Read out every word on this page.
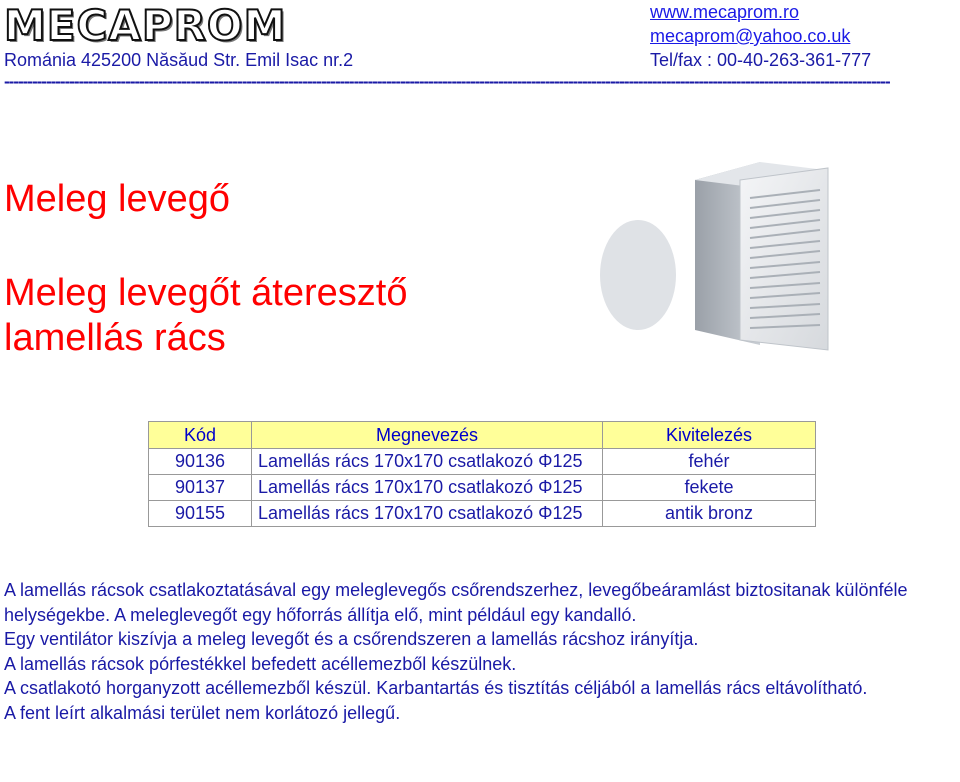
MECAPROM
Románia 425200 Năsăud Str. Emil Isac nr.2
www.mecaprom.ro
mecaprom@yahoo.co.uk
Tel/fax : 00-40-263-361-777
----------------------------------------------------------------------------------------------------------------------------------------------------------------------------------------------
Meleg levegő
Meleg levegőt áteresztő
lamellás rács
Kód	Megnevezés	Kivitelezés
90136	Lamellás rács 170x170 csatlakozó Φ125	fehér
90137	Lamellás rács 170x170 csatlakozó Φ125	fekete
90155	Lamellás rács 170x170 csatlakozó Φ125	antik bronz

A lamellás rácsok csatlakoztatásával egy meleglevegős csőrendszerhez, levegőbeáramlást biztositanak különféle helységekbe. A meleglevegőt egy hőforrás állítja elő, mint például egy kandalló.

Egy ventilátor kiszívja a meleg levegőt és a csőrendszeren a lamellás rácshoz irányítja.

A lamellás rácsok pórfestékkel befedett acéllemezből készülnek.

A csatlakotó horganyzott acéllemezből készül. Karbantartás és tisztítás céljából a lamellás rács eltávolítható.

A fent leírt alkalmási terület nem korlátozó jellegű.
